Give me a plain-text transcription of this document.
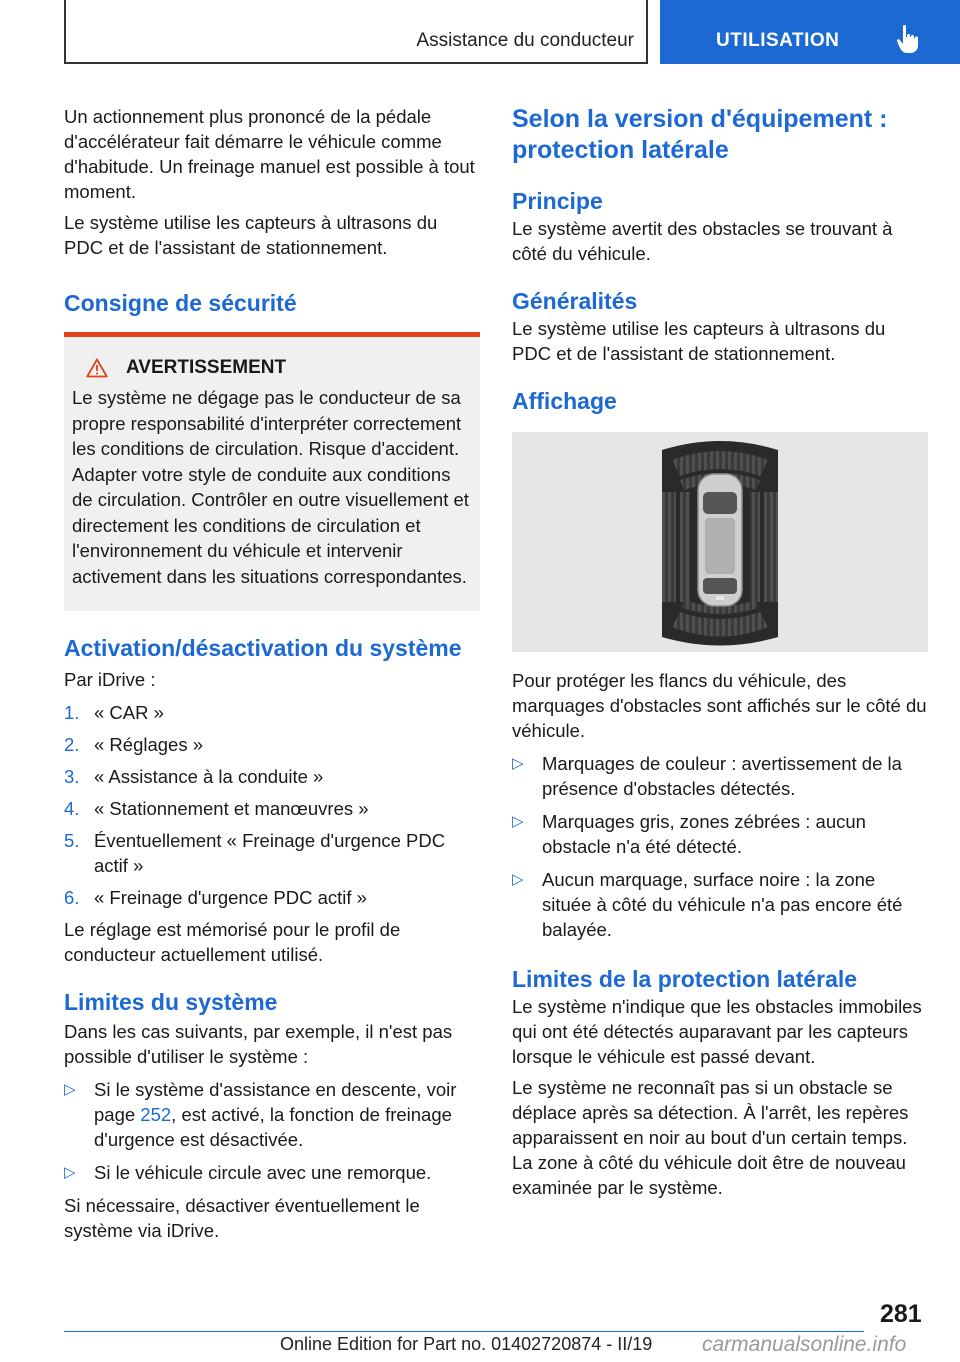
Assistance du conducteur	UTILISATION

Un actionnement plus prononcé de la pédale d'accélérateur fait démarre le véhicule comme d'habitude. Un freinage manuel est possible à tout moment.

Le système utilise les capteurs à ultrasons du PDC et de l'assistant de stationnement.

Consigne de sécurité
AVERTISSEMENT

Le système ne dégage pas le conducteur de sa propre responsabilité d'interpréter correctement les conditions de circulation. Risque d'accident. Adapter votre style de conduite aux conditions de circulation. Contrôler en outre visuellement et directement les conditions de circulation et l'environnement du véhicule et intervenir activement dans les situations correspondantes.

Activation/désactivation du système

Par iDrive :

1. « CAR »
2. « Réglages »
3. « Assistance à la conduite »
4. « Stationnement et manœuvres »
5. Éventuellement « Freinage d'urgence PDC actif »
6. « Freinage d'urgence PDC actif »

Le réglage est mémorisé pour le profil de conducteur actuellement utilisé.

Limites du système

Dans les cas suivants, par exemple, il n'est pas possible d'utiliser le système :

▷ Si le système d'assistance en descente, voir page 252, est activé, la fonction de freinage d'urgence est désactivée.
▷ Si le véhicule circule avec une remorque.

Si nécessaire, désactiver éventuellement le système via iDrive.

Selon la version d'équipement : protection latérale
Principe

Le système avertit des obstacles se trouvant à côté du véhicule.

Généralités

Le système utilise les capteurs à ultrasons du PDC et de l'assistant de stationnement.

Affichage

Pour protéger les flancs du véhicule, des marquages d'obstacles sont affichés sur le côté du véhicule.

▷ Marquages de couleur : avertissement de la présence d'obstacles détectés.
▷ Marquages gris, zones zébrées : aucun obstacle n'a été détecté.
▷ Aucun marquage, surface noire : la zone située à côté du véhicule n'a pas encore été balayée.
Limites de la protection latérale

Le système n'indique que les obstacles immobiles qui ont été détectés auparavant par les capteurs lorsque le véhicule est passé devant.

Le système ne reconnaît pas si un obstacle se déplace après sa détection. À l'arrêt, les repères apparaissent en noir au bout d'un certain temps. La zone à côté du véhicule doit être de nouveau examinée par le système.

281
Online Edition for Part no. 01402720874 - II/19 carmanualsonline.info
